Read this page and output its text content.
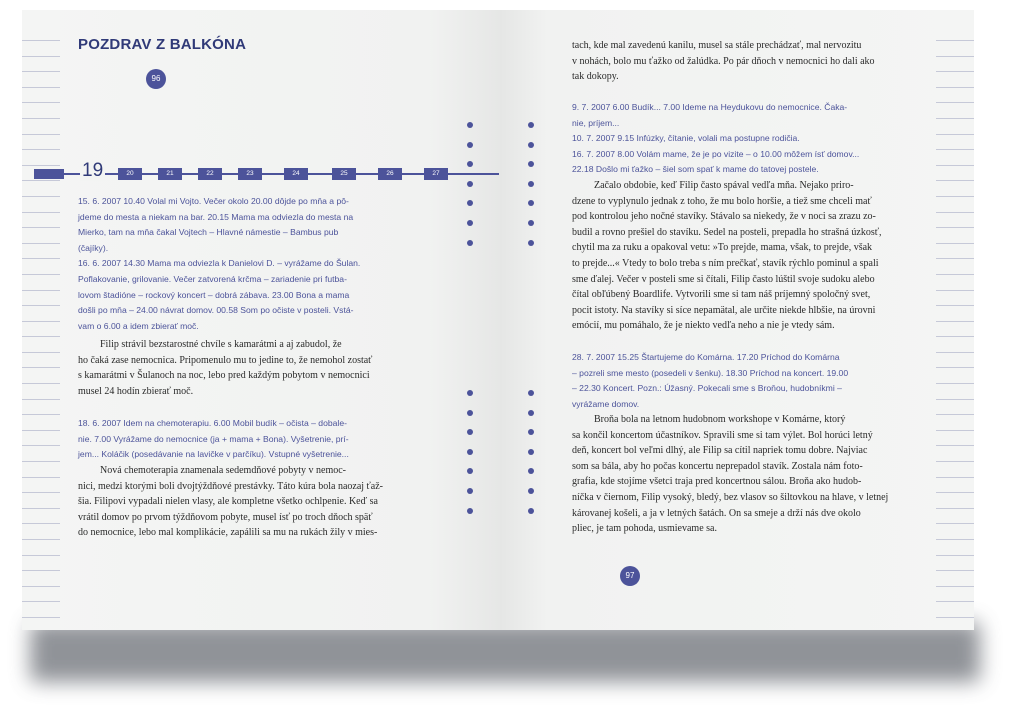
POZDRAV Z BALKÓNA
96
19	20	21	22	23	24	25	26	27
15. 6. 2007 10.40 Volal mi Vojto. Večer okolo 20.00 dôjde po mňa a pô-
jdeme do mesta a niekam na bar. 20.15 Mama ma odviezla do mesta na
Mierko, tam na mňa čakal Vojtech – Hlavné námestie – Bambus pub
(čajíky).
16. 6. 2007 14.30 Mama ma odviezla k Danielovi D. – vyrážame do Šulan.
Poflakovanie, grilovanie. Večer zatvorená krčma – zariadenie pri futba-
lovom štadióne – rockový koncert – dobrá zábava. 23.00 Bona a mama
došli po mňa – 24.00 návrat domov. 00.58 Som po očiste v posteli. Vstá-
vam o 6.00 a idem zbierať moč.
Filip strávil bezstarostné chvíle s kamarátmi a aj zabudol, že
ho čaká zase nemocnica. Pripomenulo mu to jedine to, že nemohol zostať
s kamarátmi v Šulanoch na noc, lebo pred každým pobytom v nemocnici
musel 24 hodín zbierať moč.
18. 6. 2007 Idem na chemoterapiu. 6.00 Mobil budík – očista – dobale-
nie. 7.00 Vyrážame do nemocnice (ja + mama + Bona). Vyšetrenie, prí-
jem... Koláčik (posedávanie na lavičke v parčíku). Vstupné vyšetrenie...
Nová chemoterapia znamenala sedemdňové pobyty v nemoc-
nici, medzi ktorými boli dvojtýždňové prestávky. Táto kúra bola naozaj ťaž-
šia. Filipovi vypadali nielen vlasy, ale kompletne všetko ochlpenie. Keď sa
vrátil domov po prvom týždňovom pobyte, musel ísť po troch dňoch späť
do nemocnice, lebo mal komplikácie, zapálili sa mu na rukách žily v mies-
tach, kde mal zavedenú kanilu, musel sa stále prechádzať, mal nervozitu
v nohách, bolo mu ťažko od žalúdka. Po pár dňoch v nemocnici ho dali ako
tak dokopy.
9. 7. 2007 6.00 Budík... 7.00 Ideme na Heydukovu do nemocnice. Čaka-
nie, príjem...
10. 7. 2007 9.15 Infúzky, čítanie, volali ma postupne rodičia.
16. 7. 2007 8.00 Volám mame, že je po vizite – o 10.00 môžem ísť domov...
22.18 Došlo mi ťažko – šiel som spať k mame do tatovej postele.
Začalo obdobie, keď Filip často spával vedľa mňa. Nejako priro-
dzene to vyplynulo jednak z toho, že mu bolo horšie, a tiež sme chceli mať
pod kontrolou jeho nočné stavíky. Stávalo sa niekedy, že v noci sa zrazu zo-
budil a rovno prešiel do stavíku. Sedel na posteli, prepadla ho strašná úzkosť,
chytil ma za ruku a opakoval vetu: »To prejde, mama, však, to prejde, však
to prejde...« Vtedy to bolo treba s ním prečkať, stavík rýchlo pominul a spali
sme ďalej. Večer v posteli sme si čítali, Filip často lúštil svoje sudoku alebo
čítal obľúbený Boardlife. Vytvorili sme si tam náš príjemný spoločný svet,
pocit istoty. Na stavíky si síce nepamätal, ale určite niekde hlbšie, na úrovni
emócií, mu pomáhalo, že je niekto vedľa neho a nie je vtedy sám.
28. 7. 2007 15.25 Štartujeme do Komárna. 17.20 Príchod do Komárna
– pozreli sme mesto (posedeli v šenku). 18.30 Príchod na koncert. 19.00
– 22.30 Koncert. Pozn.: Úžasný. Pokecali sme s Broňou, hudobníkmi –
vyrážame domov.
Broňa bola na letnom hudobnom workshope v Komárne, ktorý
sa končil koncertom účastníkov. Spravili sme si tam výlet. Bol horúci letný
deň, koncert bol veľmi dlhý, ale Filip sa cítil napriek tomu dobre. Najviac
som sa bála, aby ho počas koncertu neprepadol stavík. Zostala nám foto-
grafia, kde stojíme všetci traja pred koncertnou sálou. Broňa ako hudob-
níčka v čiernom, Filip vysoký, bledý, bez vlasov so šiltovkou na hlave, v letnej
károvanej košeli, a ja v letných šatách. On sa smeje a drží nás dve okolo
pliec, je tam pohoda, usmievame sa.
97
